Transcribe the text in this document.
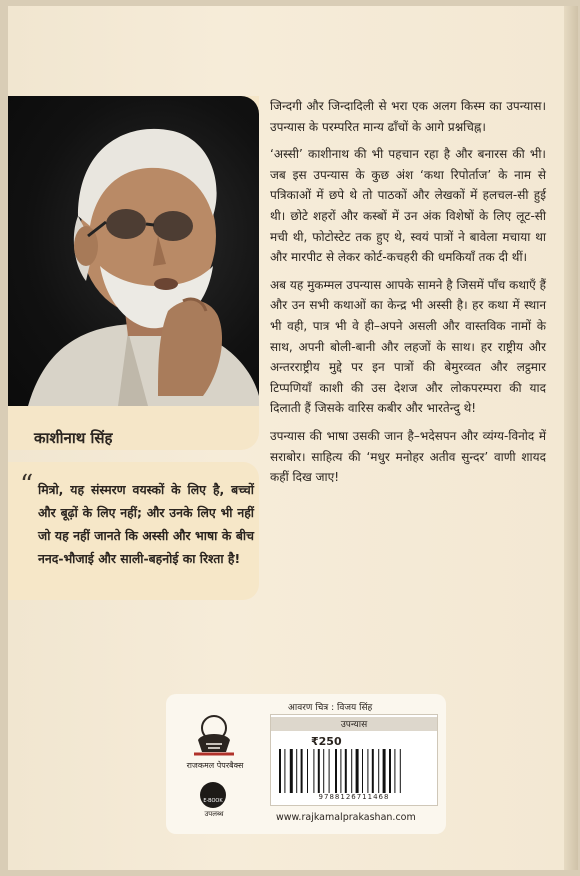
काशीनाथ सिंह
“ मित्रो, यह संस्मरण वयस्कों के लिए है, बच्चों और बूढ़ों के लिए नहीं; और उनके लिए भी नहीं जो यह नहीं जानते कि अस्सी और भाषा के बीच ननद-भौजाई और साली-बहनोई का रिश्ता है!

जिन्दगी और जिन्दादिली से भरा एक अलग किस्म का उपन्यास। उपन्यास के परम्परित मान्य ढाँचों के आगे प्रश्नचिह्न।

‘अस्सी’ काशीनाथ की भी पहचान रहा है और बनारस की भी। जब इस उपन्यास के कुछ अंश ‘कथा रिपोर्ताज’ के नाम से पत्रिकाओं में छपे थे तो पाठकों और लेखकों में हलचल-सी हुई थी। छोटे शहरों और कस्बों में उन अंक विशेषों के लिए लूट-सी मची थी, फोटोस्टेट तक हुए थे, स्वयं पात्रों ने बावेला मचाया था और मारपीट से लेकर कोर्ट-कचहरी की धमकियाँ तक दी थीं।

अब यह मुकम्मल उपन्यास आपके सामने है जिसमें पाँच कथाएँ हैं और उन सभी कथाओं का केन्द्र भी अस्सी है। हर कथा में स्थान भी वही, पात्र भी वे ही–अपने असली और वास्तविक नामों के साथ, अपनी बोली-बानी और लहजों के साथ। हर राष्ट्रीय और अन्तरराष्ट्रीय मुद्दे पर इन पात्रों की बेमुरव्वत और लट्ठमार टिप्पणियाँ काशी की उस देशज और लोकपरम्परा की याद दिलाती हैं जिसके वारिस कबीर और भारतेन्दु थे!

उपन्यास की भाषा उसकी जान है–भदेसपन और व्यंग्य-विनोद में सराबोर। साहित्य की ‘मधुर मनोहर अतीव सुन्दर’ वाणी शायद कहीं दिख जाए!

राजकमल पेपरबैक्स
E-BOOK
उपलब्ध
आवरण चित्र : विजय सिंह
उपन्यास
₹250
9788126711468
www.rajkamalprakashan.com
